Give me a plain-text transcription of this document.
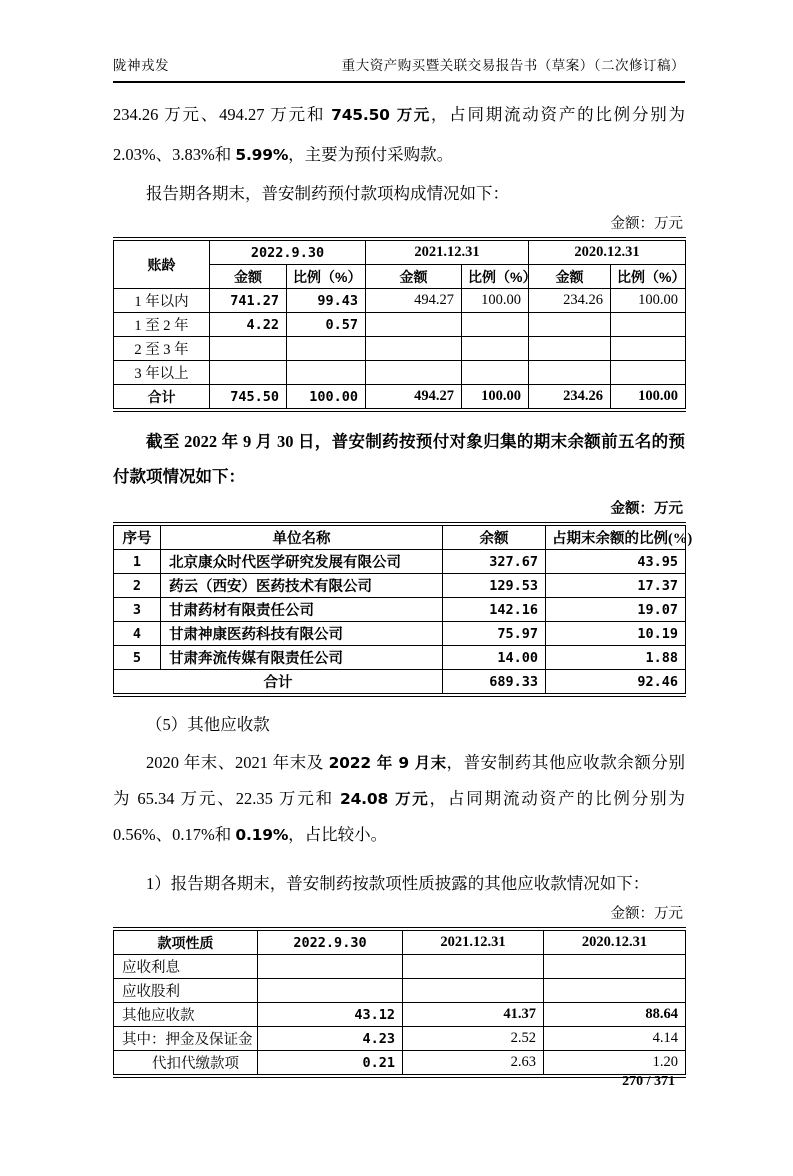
陇神戎发	重大资产购买暨关联交易报告书（草案）（二次修订稿）

234.26 万元、494.27 万元和 745.50 万元，占同期流动资产的比例分别为 2.03%、3.83%和 5.99%，主要为预付采购款。

报告期各期末，普安制药预付款项构成情况如下：

金额：万元
账龄	2022.9.30		2021.12.31		2020.12.31	
	金额	比例（%）	金额	比例（%）	金额	比例（%）
1 年以内	741.27	99.43	494.27	100.00	234.26	100.00
1 至 2 年	4.22	0.57				
2 至 3 年						
3 年以上						
合计	745.50	100.00	494.27	100.00	234.26	100.00

截至 2022 年 9 月 30 日，普安制药按预付对象归集的期末余额前五名的预付款项情况如下：

金额：万元
序号	单位名称	余额	占期末余额的比例(%)
1	北京康众时代医学研究发展有限公司	327.67	43.95
2	药云（西安）医药技术有限公司	129.53	17.37
3	甘肃药材有限责任公司	142.16	19.07
4	甘肃神康医药科技有限公司	75.97	10.19
5	甘肃奔流传媒有限责任公司	14.00	1.88
合计		689.33	92.46

（5）其他应收款

2020 年末、2021 年末及 2022 年 9 月末，普安制药其他应收款余额分别为 65.34 万元、22.35 万元和 24.08 万元，占同期流动资产的比例分别为 0.56%、0.17%和 0.19%，占比较小。

1）报告期各期末，普安制药按款项性质披露的其他应收款情况如下：

金额：万元
款项性质	2022.9.30	2021.12.31	2020.12.31
应收利息			
应收股利			
其他应收款	43.12	41.37	88.64
其中：押金及保证金	4.23	2.52	4.14
代扣代缴款项	0.21	2.63	1.20
270 / 371
